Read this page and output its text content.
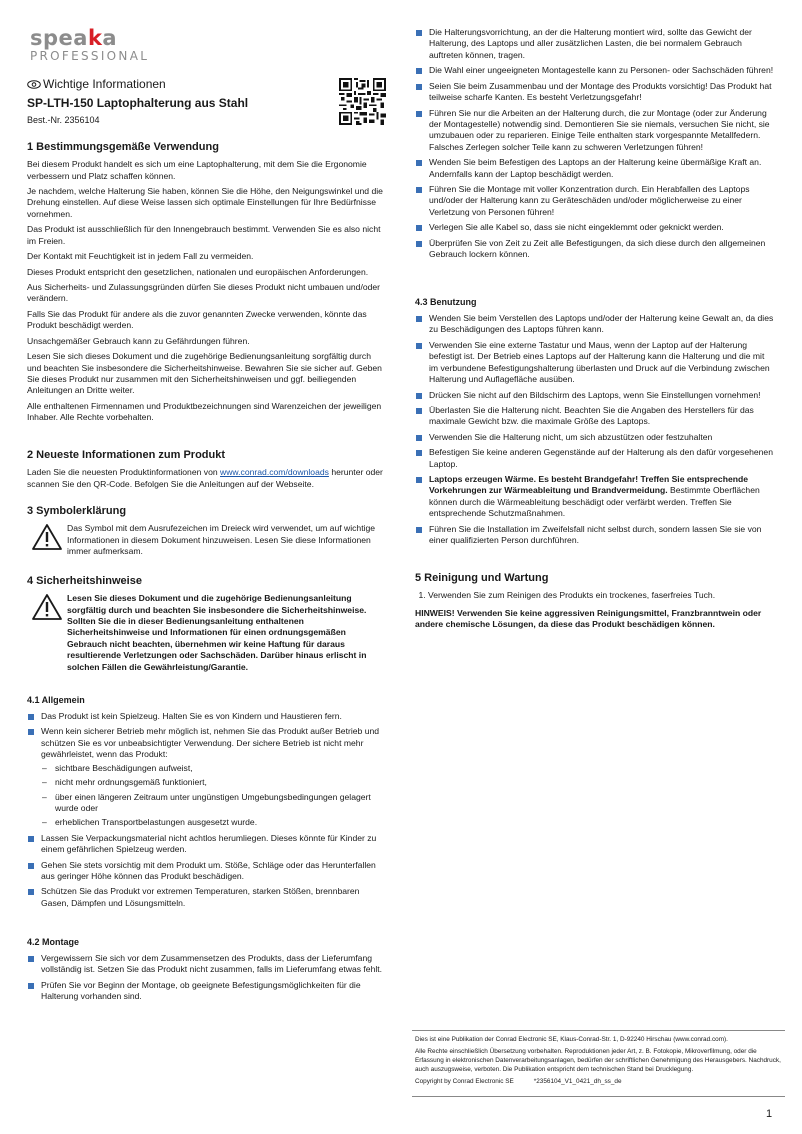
speaka
PROFESSIONAL
Wichtige Informationen
SP-LTH-150 Laptophalterung aus Stahl
Best.-Nr. 2356104
1 Bestimmungsgemäße Verwendung

Bei diesem Produkt handelt es sich um eine Laptophalterung, mit dem Sie die Ergonomie verbessern und Platz schaffen können.

Je nachdem, welche Halterung Sie haben, können Sie die Höhe, den Neigungswinkel und die Drehung einstellen. Auf diese Weise lassen sich optimale Einstellungen für Ihre Bedürfnisse vornehmen.

Das Produkt ist ausschließlich für den Innengebrauch bestimmt. Verwenden Sie es also nicht im Freien.

Der Kontakt mit Feuchtigkeit ist in jedem Fall zu vermeiden.

Dieses Produkt entspricht den gesetzlichen, nationalen und europäischen Anforderungen.

Aus Sicherheits- und Zulassungsgründen dürfen Sie dieses Produkt nicht umbauen und/oder verändern.

Falls Sie das Produkt für andere als die zuvor genannten Zwecke verwenden, könnte das Produkt beschädigt werden.

Unsachgemäßer Gebrauch kann zu Gefährdungen führen.

Lesen Sie sich dieses Dokument und die zugehörige Bedienungsanleitung sorgfältig durch und beachten Sie insbesondere die Sicherheitshinweise. Bewahren Sie sie sicher auf. Geben Sie dieses Produkt nur zusammen mit den Sicherheitshinweisen und ggf. beiliegenden Anleitungen an Dritte weiter.

Alle enthaltenen Firmennamen und Produktbezeichnungen sind Warenzeichen der jeweiligen Inhaber. Alle Rechte vorbehalten.

2 Neueste Informationen zum Produkt

Laden Sie die neuesten Produktinformationen von www.conrad.com/downloads herunter oder scannen Sie den QR-Code. Befolgen Sie die Anleitungen auf der Webseite.

3 Symbolerklärung
Das Symbol mit dem Ausrufezeichen im Dreieck wird verwendet, um auf wichtige Informationen in diesem Dokument hinzuweisen. Lesen Sie diese Informationen immer aufmerksam.
4 Sicherheitshinweise
Lesen Sie dieses Dokument und die zugehörige Bedienungsanleitung sorgfältig durch und beachten Sie insbesondere die Sicherheitshinweise. Sollten Sie die in dieser Bedienungsanleitung enthaltenen Sicherheitshinweise und Informationen für einen ordnungsgemäßen Gebrauch nicht beachten, übernehmen wir keine Haftung für daraus resultierende Verletzungen oder Sachschäden. Darüber hinaus erlischt in solchen Fällen die Gewährleistung/Garantie.
4.1 Allgemein
Das Produkt ist kein Spielzeug. Halten Sie es von Kindern und Haustieren fern.
Wenn kein sicherer Betrieb mehr möglich ist, nehmen Sie das Produkt außer Betrieb und schützen Sie es vor unbeabsichtigter Verwendung. Der sichere Betrieb ist nicht mehr gewährleistet, wenn das Produkt:
– sichtbare Beschädigungen aufweist,
– nicht mehr ordnungsgemäß funktioniert,
– über einen längeren Zeitraum unter ungünstigen Umgebungsbedingungen gelagert wurde oder
– erheblichen Transportbelastungen ausgesetzt wurde.
Lassen Sie Verpackungsmaterial nicht achtlos herumliegen. Dieses könnte für Kinder zu einem gefährlichen Spielzeug werden.
Gehen Sie stets vorsichtig mit dem Produkt um. Stöße, Schläge oder das Herunterfallen aus geringer Höhe können das Produkt beschädigen.
Schützen Sie das Produkt vor extremen Temperaturen, starken Stößen, brennbaren Gasen, Dämpfen und Lösungsmitteln.
4.2 Montage
Vergewissern Sie sich vor dem Zusammensetzen des Produkts, dass der Lieferumfang vollständig ist. Setzen Sie das Produkt nicht zusammen, falls im Lieferumfang etwas fehlt.
Prüfen Sie vor Beginn der Montage, ob geeignete Befestigungsmöglichkeiten für die Halterung vorhanden sind.
Die Halterungsvorrichtung, an der die Halterung montiert wird, sollte das Gewicht der Halterung, des Laptops und aller zusätzlichen Lasten, die bei normalem Gebrauch auftreten können, tragen.
Die Wahl einer ungeeigneten Montagestelle kann zu Personen- oder Sachschäden führen!
Seien Sie beim Zusammenbau und der Montage des Produkts vorsichtig! Das Produkt hat teilweise scharfe Kanten. Es besteht Verletzungsgefahr!
Führen Sie nur die Arbeiten an der Halterung durch, die zur Montage (oder zur Änderung der Montagestelle) notwendig sind. Demontieren Sie sie niemals, versuchen Sie nicht, sie umzubauen oder zu reparieren. Einige Teile enthalten stark vorgespannte Metallfedern. Falsches Zerlegen solcher Teile kann zu schweren Verletzungen führen!
Wenden Sie beim Befestigen des Laptops an der Halterung keine übermäßige Kraft an. Andernfalls kann der Laptop beschädigt werden.
Führen Sie die Montage mit voller Konzentration durch. Ein Herabfallen des Laptops und/oder der Halterung kann zu Geräteschäden und/oder möglicherweise zu einer Verletzung von Personen führen!
Verlegen Sie alle Kabel so, dass sie nicht eingeklemmt oder geknickt werden.
Überprüfen Sie von Zeit zu Zeit alle Befestigungen, da sich diese durch den allgemeinen Gebrauch lockern können.
4.3 Benutzung
Wenden Sie beim Verstellen des Laptops und/oder der Halterung keine Gewalt an, da dies zu Beschädigungen des Laptops führen kann.
Verwenden Sie eine externe Tastatur und Maus, wenn der Laptop auf der Halterung befestigt ist. Der Betrieb eines Laptops auf der Halterung kann die Halterung und die mit im verbundene Befestigungshalterung überlasten und Druck auf die Verbindung zwischen Halterung und Auflagefläche ausüben.
Drücken Sie nicht auf den Bildschirm des Laptops, wenn Sie Einstellungen vornehmen!
Überlasten Sie die Halterung nicht. Beachten Sie die Angaben des Herstellers für das maximale Gewicht bzw. die maximale Größe des Laptops.
Verwenden Sie die Halterung nicht, um sich abzustützen oder festzuhalten
Befestigen Sie keine anderen Gegenstände auf der Halterung als den dafür vorgesehenen Laptop.
Laptops erzeugen Wärme. Es besteht Brandgefahr! Treffen Sie entsprechende Vorkehrungen zur Wärmeableitung und Brandvermeidung. Bestimmte Oberflächen können durch die Wärmeableitung beschädigt oder verfärbt werden. Treffen Sie entsprechende Schutzmaßnahmen.
Führen Sie die Installation im Zweifelsfall nicht selbst durch, sondern lassen Sie sie von einer qualifizierten Person durchführen.
5 Reinigung und Wartung
1. Verwenden Sie zum Reinigen des Produkts ein trockenes, faserfreies Tuch.

HINWEIS! Verwenden Sie keine aggressiven Reinigungsmittel, Franzbranntwein oder andere chemische Lösungen, da diese das Produkt beschädigen können.

Dies ist eine Publikation der Conrad Electronic SE, Klaus-Conrad-Str. 1, D-92240 Hirschau (www.conrad.com).

Alle Rechte einschließlich Übersetzung vorbehalten. Reproduktionen jeder Art, z. B. Fotokopie, Mikroverfilmung, oder die Erfassung in elektronischen Datenverarbeitungsanlagen, bedürfen der schriftlichen Genehmigung des Herausgebers. Nachdruck, auch auszugsweise, verboten. Die Publikation entspricht dem technischen Stand bei Drucklegung.

Copyright by Conrad Electronic SE	*2356104_V1_0421_dh_ss_de

1
